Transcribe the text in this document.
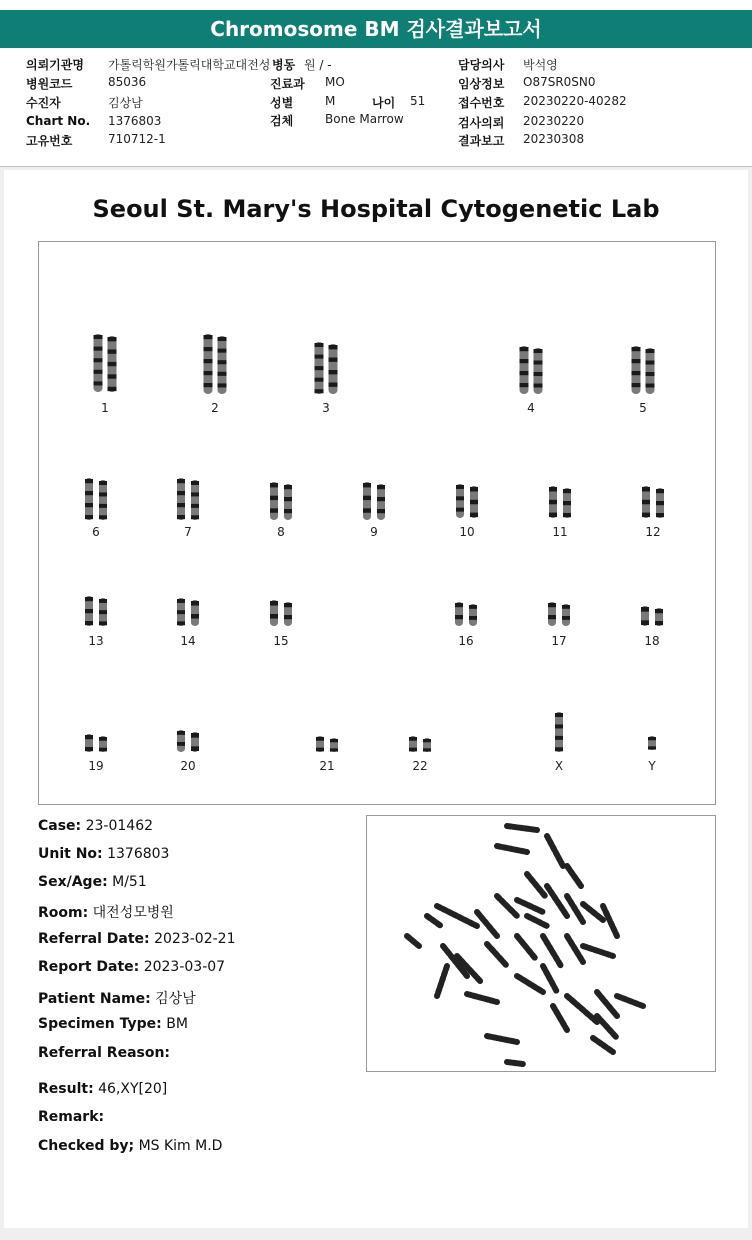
Chromosome BM 검사결과보고서
의뢰기관명 가톨릭학원가톨릭대학교대전성
병원코드	85036
수진자	김상남
Chart No. 1376803
고유번호	710712-1
병동 원 / -
진료과 MO
성별	M	나이 51
검체	Bone Marrow
담당의사 박석영
임상정보 O87SR0SN0
접수번호 20230220-40282
검사의뢰 20230220
결과보고 20230308
Seoul St. Mary's Hospital Cytogenetic Lab
1	2	3	4	5
6	7	8	9	10	11	12
13	14	15	16	17	18
19	20	21	22	X	Y
Case: 23-01462
Unit No: 1376803
Sex/Age: M/51
Room: 대전성모병원
Referral Date: 2023-02-21
Report Date: 2023-03-07
Patient Name: 김상남
Specimen Type: BM
Referral Reason:
Result: 46,XY[20]
Remark:
Checked by; MS Kim M.D
